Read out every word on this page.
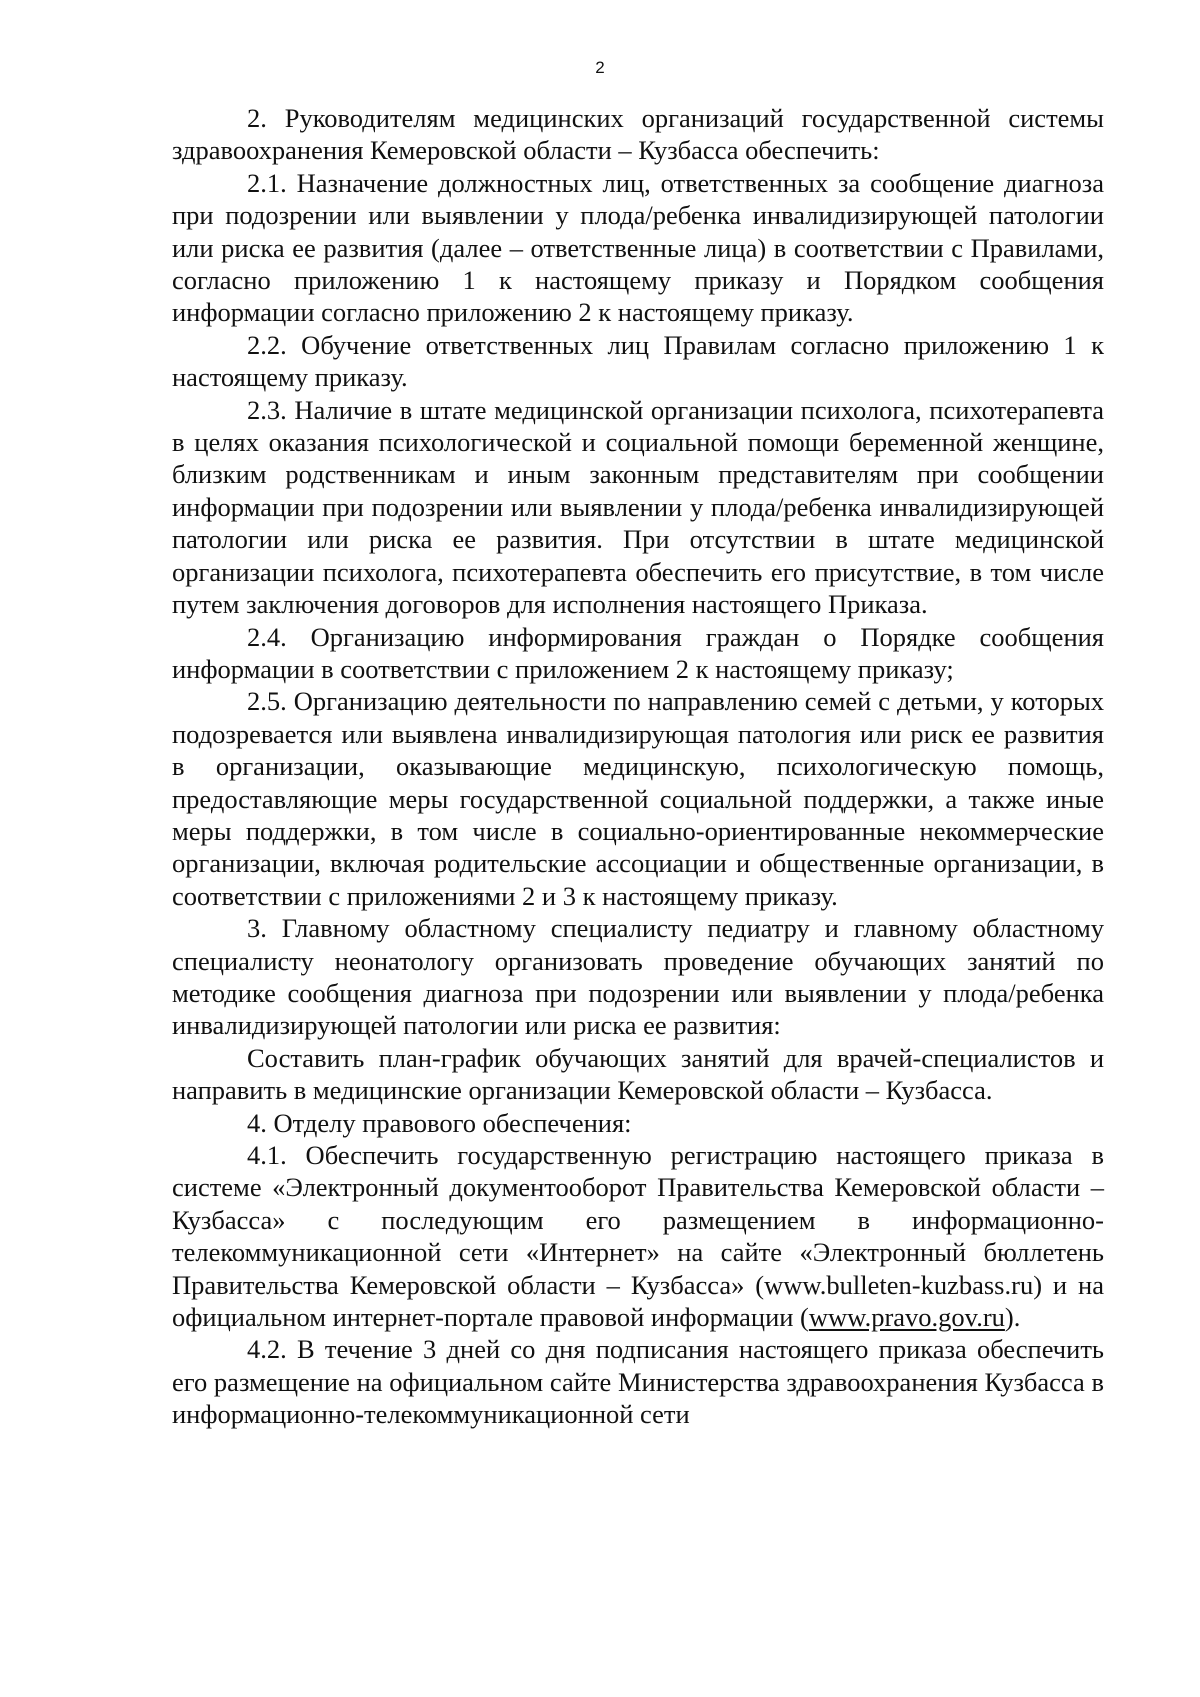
2

2. Руководителям медицинских организаций государственной системы здравоохранения Кемеровской области – Кузбасса обеспечить:

2.1. Назначение должностных лиц, ответственных за сообщение диагноза при подозрении или выявлении у плода/ребенка инвалидизирующей патологии или риска ее развития (далее – ответственные лица) в соответствии с Правилами, согласно приложению 1 к настоящему приказу и Порядком сообщения информации согласно приложению 2 к настоящему приказу.

2.2. Обучение ответственных лиц Правилам согласно приложению 1 к настоящему приказу.

2.3. Наличие в штате медицинской организации психолога, психотерапевта в целях оказания психологической и социальной помощи беременной женщине, близким родственникам и иным законным представителям при сообщении информации при подозрении или выявлении у плода/ребенка инвалидизирующей патологии или риска ее развития. При отсутствии в штате медицинской организации психолога, психотерапевта обеспечить его присутствие, в том числе путем заключения договоров для исполнения настоящего Приказа.

2.4. Организацию информирования граждан о Порядке сообщения информации в соответствии с приложением 2 к настоящему приказу;

2.5. Организацию деятельности по направлению семей с детьми, у которых подозревается или выявлена инвалидизирующая патология или риск ее развития в организации, оказывающие медицинскую, психологическую помощь, предоставляющие меры государственной социальной поддержки, а также иные меры поддержки, в том числе в социально-ориентированные некоммерческие организации, включая родительские ассоциации и общественные организации, в соответствии с приложениями 2 и 3 к настоящему приказу.

3. Главному областному специалисту педиатру и главному областному специалисту неонатологу организовать проведение обучающих занятий по методике сообщения диагноза при подозрении или выявлении у плода/ребенка инвалидизирующей патологии или риска ее развития:

Составить план-график обучающих занятий для врачей-специалистов и направить в медицинские организации Кемеровской области – Кузбасса.

4. Отделу правового обеспечения:

4.1. Обеспечить государственную регистрацию настоящего приказа в системе «Электронный документооборот Правительства Кемеровской области – Кузбасса» с последующим его размещением в информационно-телекоммуникационной сети «Интернет» на сайте «Электронный бюллетень Правительства Кемеровской области – Кузбасса» (www.bulleten-kuzbass.ru) и на официальном интернет-портале правовой информации (www.pravo.gov.ru).

4.2. В течение 3 дней со дня подписания настоящего приказа обеспечить его размещение на официальном сайте Министерства здравоохранения Кузбасса в информационно-телекоммуникационной сети
